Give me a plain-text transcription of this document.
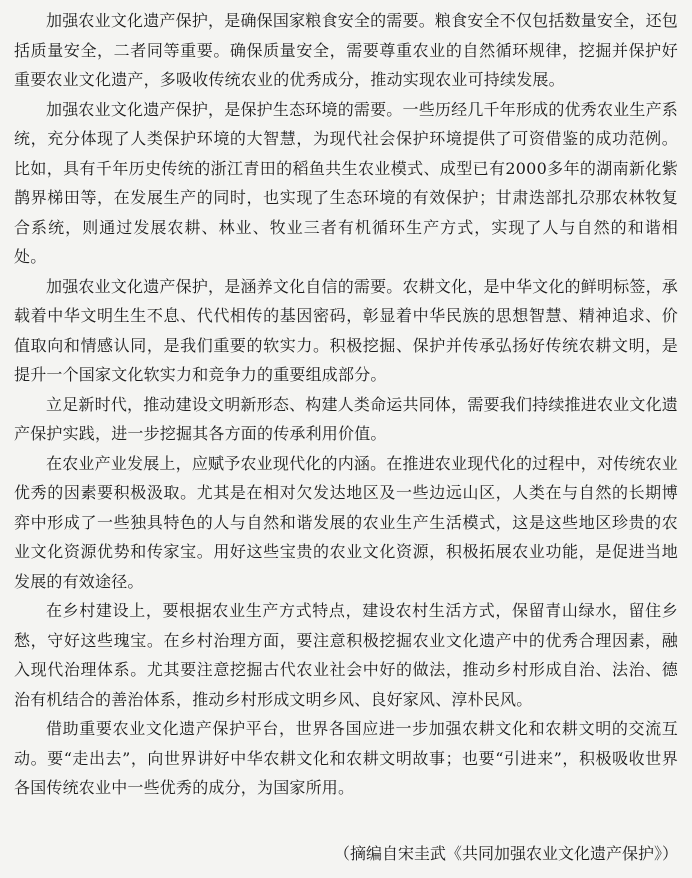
加强农业文化遗产保护，是确保国家粮食安全的需要。粮食安全不仅包括数量安全，还包括质量安全，二者同等重要。确保质量安全，需要尊重农业的自然循环规律，挖掘并保护好重要农业文化遗产，多吸收传统农业的优秀成分，推动实现农业可持续发展。

加强农业文化遗产保护，是保护生态环境的需要。一些历经几千年形成的优秀农业生产系统，充分体现了人类保护环境的大智慧，为现代社会保护环境提供了可资借鉴的成功范例。比如，具有千年历史传统的浙江青田的稻鱼共生农业模式、成型已有2000多年的湖南新化紫鹊界梯田等，在发展生产的同时，也实现了生态环境的有效保护；甘肃迭部扎尕那农林牧复合系统，则通过发展农耕、林业、牧业三者有机循环生产方式，实现了人与自然的和谐相处。

加强农业文化遗产保护，是涵养文化自信的需要。农耕文化，是中华文化的鲜明标签，承载着中华文明生生不息、代代相传的基因密码，彰显着中华民族的思想智慧、精神追求、价值取向和情感认同，是我们重要的软实力。积极挖掘、保护并传承弘扬好传统农耕文明，是提升一个国家文化软实力和竞争力的重要组成部分。

立足新时代，推动建设文明新形态、构建人类命运共同体，需要我们持续推进农业文化遗产保护实践，进一步挖掘其各方面的传承利用价值。

在农业产业发展上，应赋予农业现代化的内涵。在推进农业现代化的过程中，对传统农业优秀的因素要积极汲取。尤其是在相对欠发达地区及一些边远山区，人类在与自然的长期博弈中形成了一些独具特色的人与自然和谐发展的农业生产生活模式，这是这些地区珍贵的农业文化资源优势和传家宝。用好这些宝贵的农业文化资源，积极拓展农业功能，是促进当地发展的有效途径。

在乡村建设上，要根据农业生产方式特点，建设农村生活方式，保留青山绿水，留住乡愁，守好这些瑰宝。在乡村治理方面，要注意积极挖掘农业文化遗产中的优秀合理因素，融入现代治理体系。尤其要注意挖掘古代农业社会中好的做法，推动乡村形成自治、法治、德治有机结合的善治体系，推动乡村形成文明乡风、良好家风、淳朴民风。

借助重要农业文化遗产保护平台，世界各国应进一步加强农耕文化和农耕文明的交流互动。要“走出去”，向世界讲好中华农耕文化和农耕文明故事；也要“引进来”，积极吸收世界各国传统农业中一些优秀的成分，为国家所用。

（摘编自宋圭武《共同加强农业文化遗产保护》）
